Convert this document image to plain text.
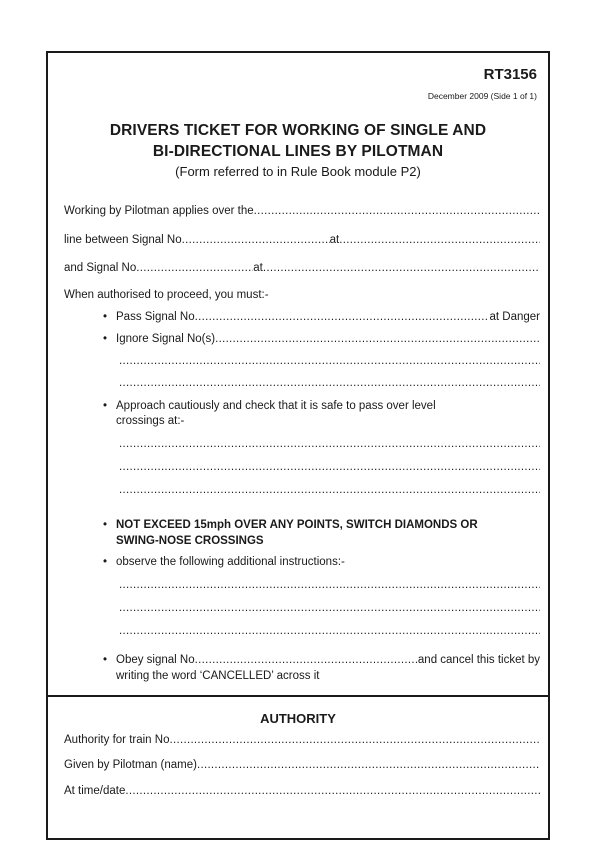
RT3156
December 2009 (Side 1 of 1)
DRIVERS TICKET FOR WORKING OF SINGLE AND
BI-DIRECTIONAL LINES BY PILOTMAN
(Form referred to in Rule Book module P2)
Working by Pilotman applies over the
.....
line between Signal No .....	at
.....
and Signal No .....	at
.....
When authorised to proceed, you must:-
• Pass Signal No .....	at Danger
• Ignore Signal No(s)
.....
.....
.....
• Approach cautiously and check that it is safe to pass over level
crossings at:-
.....
.....
.....
• NOT EXCEED 15mph OVER ANY POINTS, SWITCH DIAMONDS OR
SWING-NOSE CROSSINGS
• observe the following additional instructions:-
.....
.....
.....
• Obey signal No .....	and cancel this ticket by
writing the word ‘CANCELLED’ across it
AUTHORITY
Authority for train No
.....
Given by Pilotman (name)
.....
At time/date
.....
